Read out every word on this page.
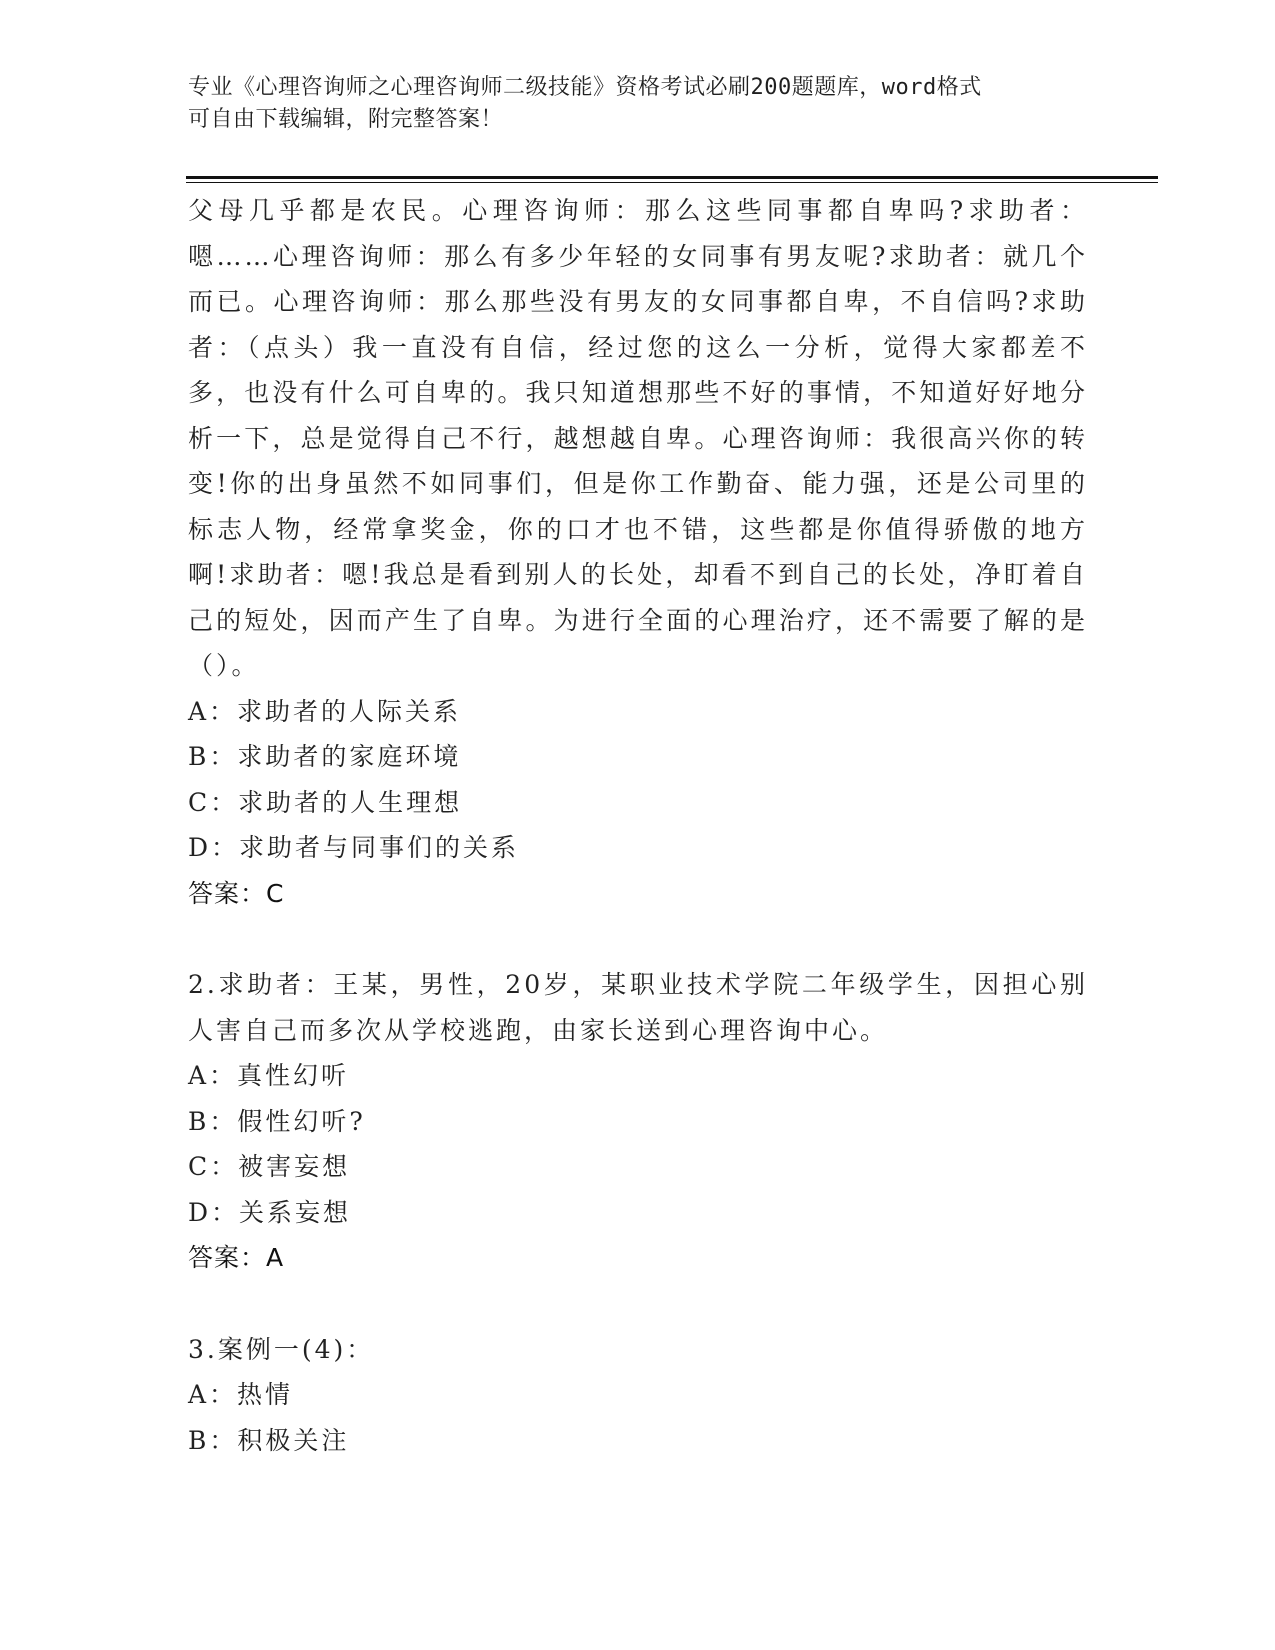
专业《心理咨询师之心理咨询师二级技能》资格考试必刷200题题库，word格式
可自由下载编辑，附完整答案！

父母几乎都是农民。心理咨询师：那么这些同事都自卑吗?求助者：嗯……心理咨询师：那么有多少年轻的女同事有男友呢?求助者：就几个而已。心理咨询师：那么那些没有男友的女同事都自卑，不自信吗?求助者：（点头）我一直没有自信，经过您的这么一分析，觉得大家都差不多，也没有什么可自卑的。我只知道想那些不好的事情，不知道好好地分析一下，总是觉得自己不行，越想越自卑。心理咨询师：我很高兴你的转变!你的出身虽然不如同事们，但是你工作勤奋、能力强，还是公司里的标志人物，经常拿奖金，你的口才也不错，这些都是你值得骄傲的地方啊!求助者：嗯!我总是看到别人的长处，却看不到自己的长处，净盯着自己的短处，因而产生了自卑。为进行全面的心理治疗，还不需要了解的是（）。

A：求助者的人际关系

B：求助者的家庭环境

C：求助者的人生理想

D：求助者与同事们的关系

答案：C

2.求助者：王某，男性，20岁，某职业技术学院二年级学生，因担心别人害自己而多次从学校逃跑，由家长送到心理咨询中心。

A：真性幻听

B：假性幻听?

C：被害妄想

D：关系妄想

答案：A

3.案例一(4)：

A：热情

B：积极关注
